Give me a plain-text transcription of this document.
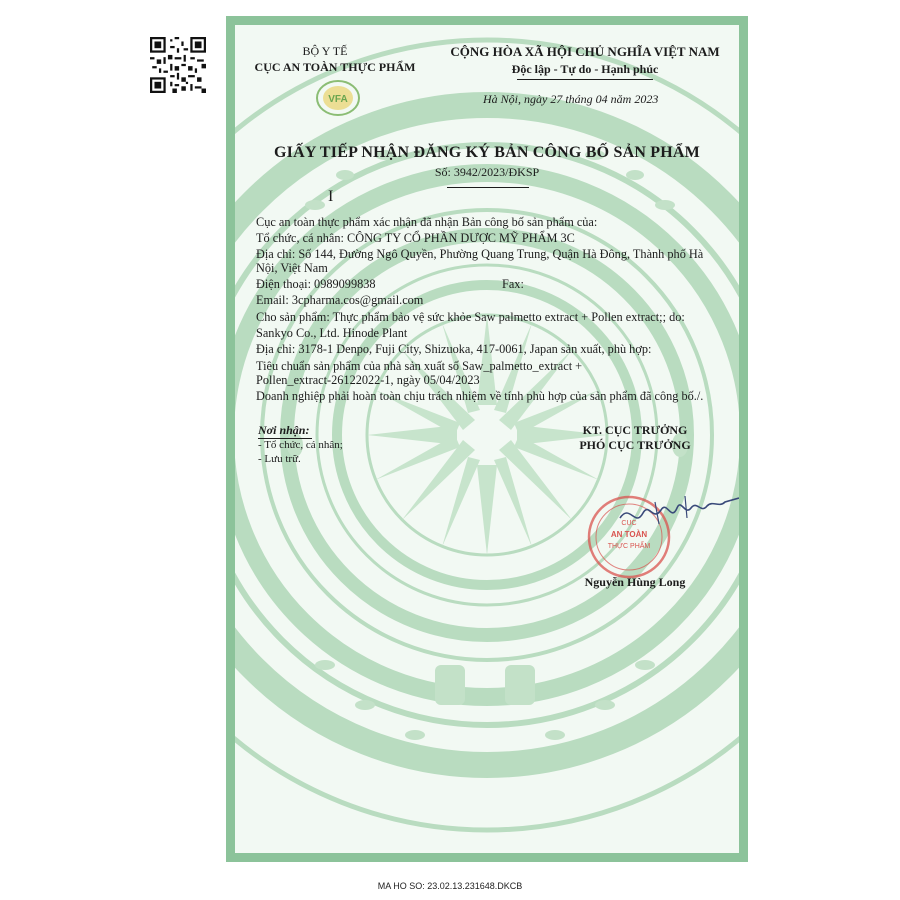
BỘ Y TẾ
CỤC AN TOÀN THỰC PHẨM
VFA
CỘNG HÒA XÃ HỘI CHỦ NGHĨA VIỆT NAM
Độc lập - Tự do - Hạnh phúc
Hà Nội, ngày 27 tháng 04 năm 2023
GIẤY TIẾP NHẬN ĐĂNG KÝ BẢN CÔNG BỐ SẢN PHẨM
Số: 3942/2023/ĐKSP
I
Cục an toàn thực phẩm xác nhận đã nhận Bản công bố sản phẩm của:
Tổ chức, cá nhân: CÔNG TY CỔ PHẦN DƯỢC MỸ PHẨM 3C
Địa chỉ: Số 144, Đường Ngô Quyền, Phường Quang Trung, Quận Hà Đông, Thành phố Hà
Nội, Việt Nam
Điện thoại: 0989099838	Fax:
Email: 3cpharma.cos@gmail.com
Cho sản phẩm: Thực phẩm bảo vệ sức khỏe Saw palmetto extract + Pollen extract;; do:
Sankyo Co., Ltd. Hinode Plant
Địa chỉ: 3178-1 Denpo, Fuji City, Shizuoka, 417-0061, Japan sản xuất, phù hợp:
Tiêu chuẩn sản phẩm của nhà sản xuất số Saw_palmetto_extract +
Pollen_extract-26122022-1, ngày 05/04/2023
Doanh nghiệp phải hoàn toàn chịu trách nhiệm về tính phù hợp của sản phẩm đã công bố./.
Nơi nhận:
- Tổ chức, cá nhân;
- Lưu trữ.
KT. CỤC TRƯỞNG
PHÓ CỤC TRƯỞNG
CỤC
AN TOÀN
THỰC PHẨM
Nguyễn Hùng Long
MA HO SO: 23.02.13.231648.DKCB
